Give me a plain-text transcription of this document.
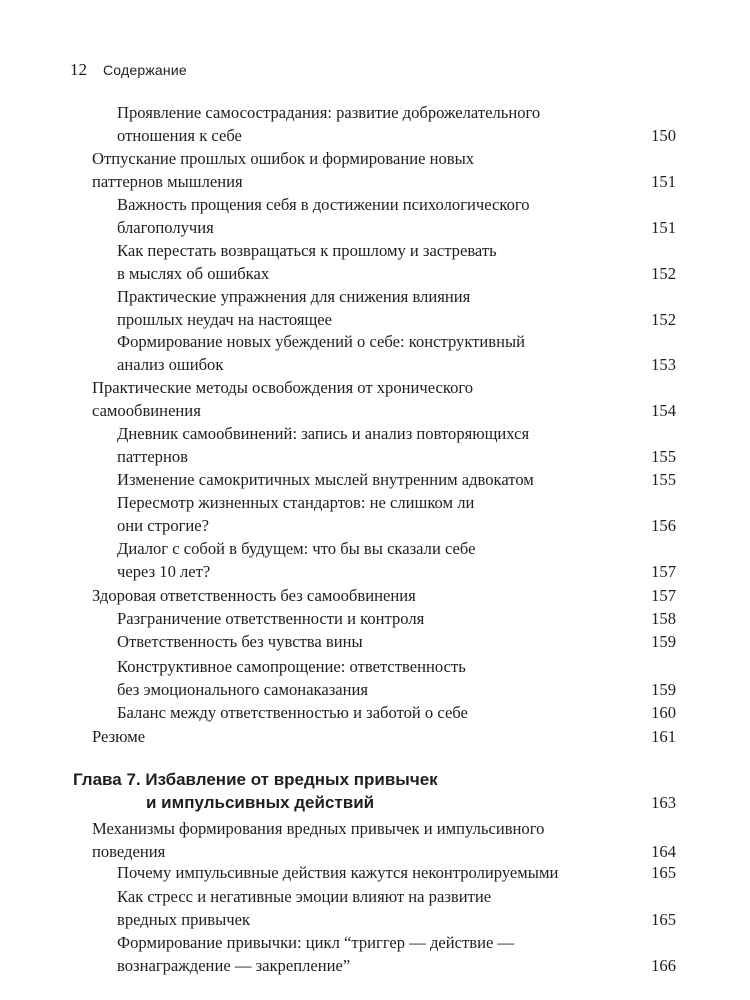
12 Содержание
Проявление самосострадания: развитие доброжелательного
отношения к себе	150
Отпускание прошлых ошибок и формирование новых
паттернов мышления	151
Важность прощения себя в достижении психологического
благополучия	151
Как перестать возвращаться к прошлому и застревать
в мыслях об ошибках	152
Практические упражнения для снижения влияния
прошлых неудач на настоящее	152
Формирование новых убеждений о себе: конструктивный
анализ ошибок	153
Практические методы освобождения от хронического
самообвинения	154
Дневник самообвинений: запись и анализ повторяющихся
паттернов	155
Изменение самокритичных мыслей внутренним адвокатом	155
Пересмотр жизненных стандартов: не слишком ли
они строгие?	156
Диалог с собой в будущем: что бы вы сказали себе
через 10 лет?	157
Здоровая ответственность без самообвинения	157
Разграничение ответственности и контроля	158
Ответственность без чувства вины	159
Конструктивное самопрощение: ответственность
без эмоционального самонаказания	159
Баланс между ответственностью и заботой о себе	160
Резюме	161
Глава 7. Избавление от вредных привычек
и импульсивных действий	163
Механизмы формирования вредных привычек и импульсивного
поведения	164
Почему импульсивные действия кажутся неконтролируемыми	165
Как стресс и негативные эмоции влияют на развитие
вредных привычек	165
Формирование привычки: цикл “триггер — действие —
вознаграждение — закрепление”	166
